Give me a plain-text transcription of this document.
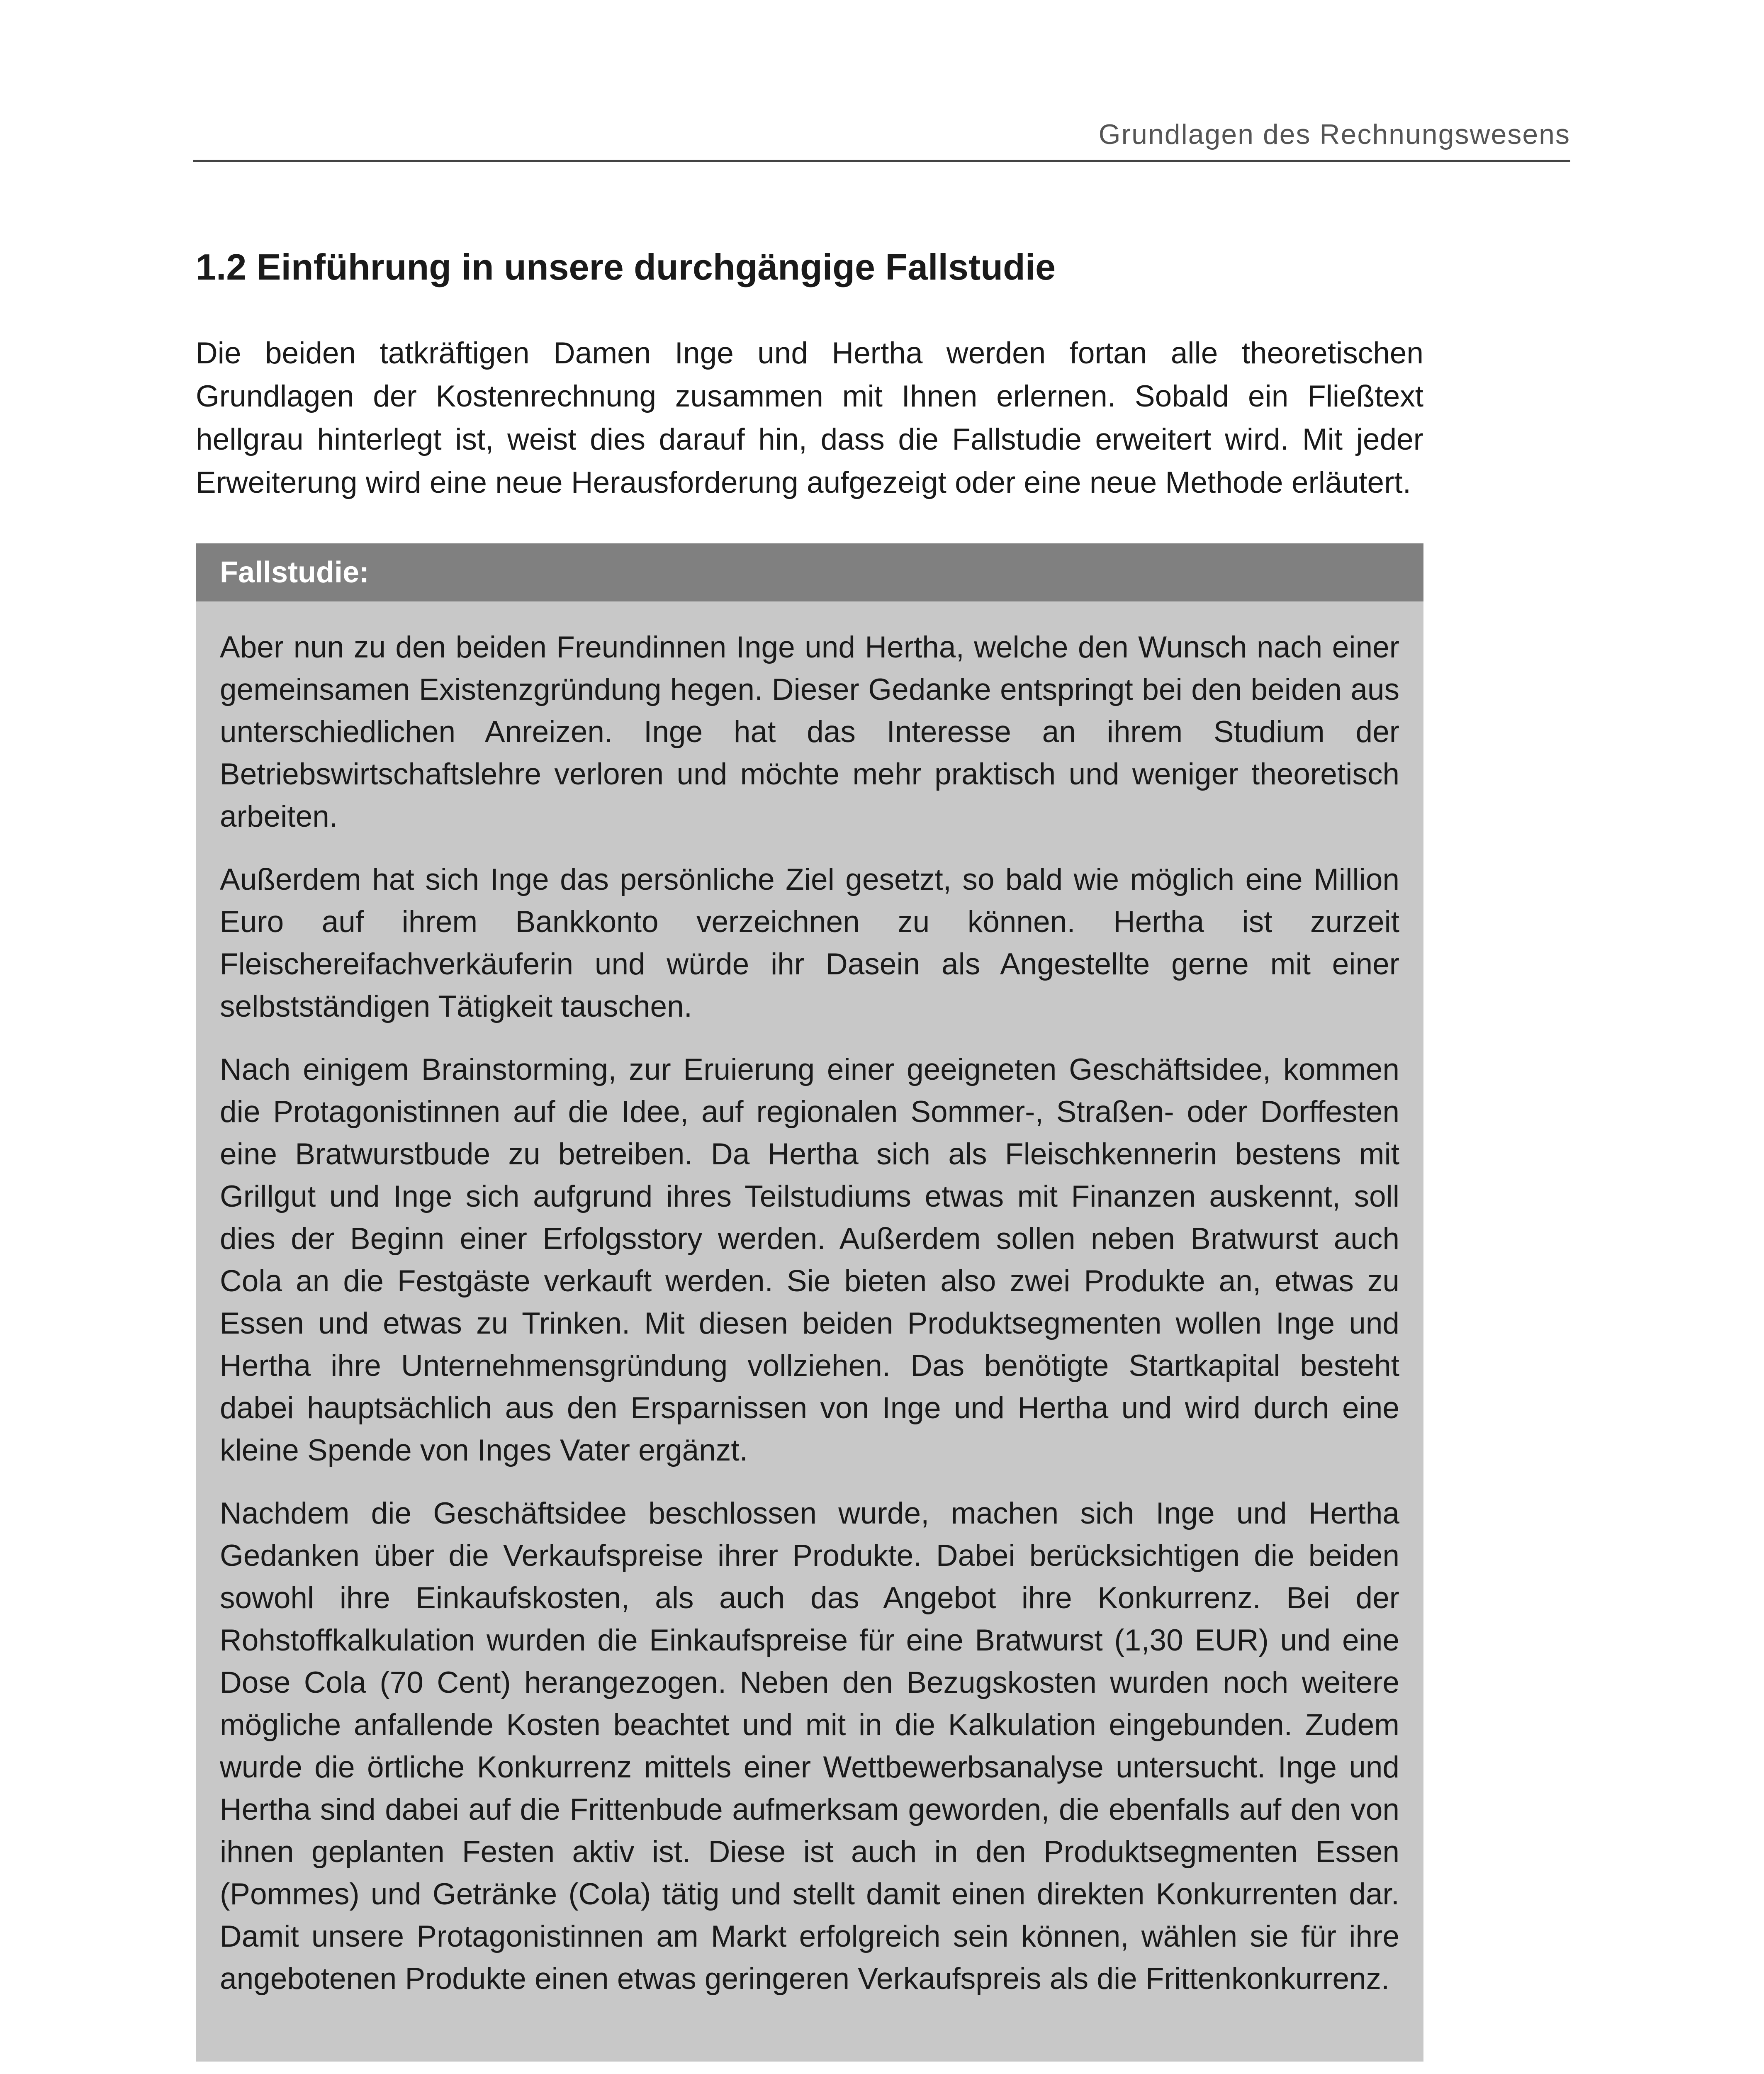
Grundlagen des Rechnungswesens
1.2 Einführung in unsere durchgängige Fallstudie

Die beiden tatkräftigen Damen Inge und Hertha werden fortan alle theoretischen Grundlagen der Kostenrechnung zusammen mit Ihnen erlernen. Sobald ein Fließtext hellgrau hinterlegt ist, weist dies darauf hin, dass die Fallstudie erweitert wird. Mit jeder Erweiterung wird eine neue Herausforderung aufgezeigt oder eine neue Methode erläutert.

Fallstudie:

Aber nun zu den beiden Freundinnen Inge und Hertha, welche den Wunsch nach einer gemeinsamen Existenzgründung hegen. Dieser Gedanke entspringt bei den beiden aus unterschiedlichen Anreizen. Inge hat das Interesse an ihrem Studium der Betriebswirtschaftslehre verloren und möchte mehr praktisch und weniger theoretisch arbeiten.

Außerdem hat sich Inge das persönliche Ziel gesetzt, so bald wie möglich eine Million Euro auf ihrem Bankkonto verzeichnen zu können. Hertha ist zurzeit Fleischereifachverkäuferin und würde ihr Dasein als Angestellte gerne mit einer selbstständigen Tätigkeit tauschen.

Nach einigem Brainstorming, zur Eruierung einer geeigneten Geschäftsidee, kommen die Protagonistinnen auf die Idee, auf regionalen Sommer-, Straßen- oder Dorffesten eine Bratwurstbude zu betreiben. Da Hertha sich als Fleischkennerin bestens mit Grillgut und Inge sich aufgrund ihres Teilstudiums etwas mit Finanzen auskennt, soll dies der Beginn einer Erfolgsstory werden. Außerdem sollen neben Bratwurst auch Cola an die Festgäste verkauft werden. Sie bieten also zwei Produkte an, etwas zu Essen und etwas zu Trinken. Mit diesen beiden Produktsegmenten wollen Inge und Hertha ihre Unternehmensgründung vollziehen. Das benötigte Startkapital besteht dabei hauptsächlich aus den Ersparnissen von Inge und Hertha und wird durch eine kleine Spende von Inges Vater ergänzt.

Nachdem die Geschäftsidee beschlossen wurde, machen sich Inge und Hertha Gedanken über die Verkaufspreise ihrer Produkte. Dabei berücksichtigen die beiden sowohl ihre Einkaufskosten, als auch das Angebot ihre Konkurrenz. Bei der Rohstoffkalkulation wurden die Einkaufspreise für eine Bratwurst (1,30 EUR) und eine Dose Cola (70 Cent) herangezogen. Neben den Bezugskosten wurden noch weitere mögliche anfallende Kosten beachtet und mit in die Kalkulation eingebunden. Zudem wurde die örtliche Konkurrenz mittels einer Wettbewerbsanalyse untersucht. Inge und Hertha sind dabei auf die Frittenbude aufmerksam geworden, die ebenfalls auf den von ihnen geplanten Festen aktiv ist. Diese ist auch in den Produktsegmenten Essen (Pommes) und Getränke (Cola) tätig und stellt damit einen direkten Konkurrenten dar. Damit unsere Protagonistinnen am Markt erfolgreich sein können, wählen sie für ihre angebotenen Produkte einen etwas geringeren Verkaufspreis als die Frittenkonkurrenz.
